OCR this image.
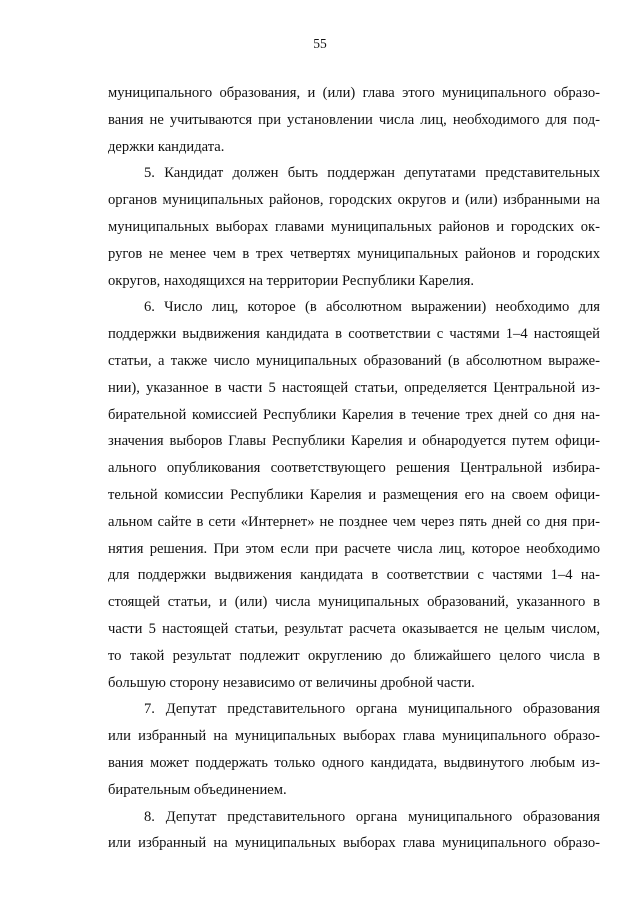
55
муниципального образования, и (или) глава этого муниципального образо-
вания не учитываются при установлении числа лиц, необходимого для под-
держки кандидата.
5. Кандидат должен быть поддержан депутатами представительных
органов муниципальных районов, городских округов и (или) избранными на
муниципальных выборах главами муниципальных районов и городских ок-
ругов не менее чем в трех четвертях муниципальных районов и городских
округов, находящихся на территории Республики Карелия.
6. Число лиц, которое (в абсолютном выражении) необходимо для
поддержки выдвижения кандидата в соответствии с частями 1–4 настоящей
статьи, а также число муниципальных образований (в абсолютном выраже-
нии), указанное в части 5 настоящей статьи, определяется Центральной из-
бирательной комиссией Республики Карелия в течение трех дней со дня на-
значения выборов Главы Республики Карелия и обнародуется путем офици-
ального опубликования соответствующего решения Центральной избира-
тельной комиссии Республики Карелия и размещения его на своем офици-
альном сайте в сети «Интернет» не позднее чем через пять дней со дня при-
нятия решения. При этом если при расчете числа лиц, которое необходимо
для поддержки выдвижения кандидата в соответствии с частями 1–4 на-
стоящей статьи, и (или) числа муниципальных образований, указанного в
части 5 настоящей статьи, результат расчета оказывается не целым числом,
то такой результат подлежит округлению до ближайшего целого числа в
большую сторону независимо от величины дробной части.
7. Депутат представительного органа муниципального образования
или избранный на муниципальных выборах глава муниципального образо-
вания может поддержать только одного кандидата, выдвинутого любым из-
бирательным объединением.
8. Депутат представительного органа муниципального образования
или избранный на муниципальных выборах глава муниципального образо-
